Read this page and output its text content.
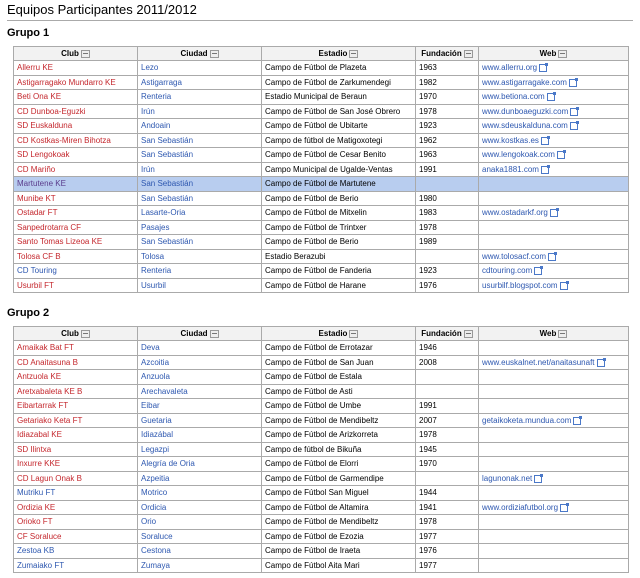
Equipos Participantes 2011/2012
Grupo 1
Club	Ciudad	Estadio	Fundación	Web
Allerru KE	Lezo	Campo de Fútbol de Plazeta	1963	www.allerru.org
Astigarragako Mundarro KE	Astigarraga	Campo de Fútbol de Zarkumendegi	1982	www.astigarragake.com
Beti Ona KE	Renteria	Estadio Municipal de Beraun	1970	www.betiona.com
CD Dunboa-Eguzki	Irún	Campo de Fútbol de San José Obrero	1978	www.dunboaeguzki.com
SD Euskalduna	Andoain	Campo de Fútbol de Ubitarte	1923	www.sdeuskalduna.com
CD Kostkas-Miren Bihotza	San Sebastián	Campo de fútbol de Matigoxotegi	1962	www.kostkas.es
SD Lengokoak	San Sebastián	Campo de Fútbol de Cesar Benito	1963	www.lengokoak.com
CD Mariño	Irún	Campo Municipal de Ugalde-Ventas	1991	anaka1881.com
Martutene KE	San Sebastián	Campo de Fútbol de Martutene		
Munibe KT	San Sebastián	Campo de Fútbol de Berio	1980	
Ostadar FT	Lasarte-Oria	Campo de Fútbol de Mitxelin	1983	www.ostadarkf.org
Sanpedrotarra CF	Pasajes	Campo de Fútbol de Trintxer	1978	
Santo Tomas Lizeoa KE	San Sebastián	Campo de Fútbol de Berio	1989	
Tolosa CF B	Tolosa	Estadio Berazubi		www.tolosacf.com
CD Touring	Renteria	Campo de Fútbol de Fanderia	1923	cdtouring.com
Usurbil FT	Usurbil	Campo de Fútbol de Harane	1976	usurbilf.blogspot.com
Grupo 2
Club	Ciudad	Estadio	Fundación	Web
Amaikak Bat FT	Deva	Campo de Fútbol de Errotazar	1946	
CD Anaitasuna B	Azcoitia	Campo de Fútbol de San Juan	2008	www.euskalnet.net/anaitasunaft
Antzuola KE	Anzuola	Campo de Fútbol de Estala		
Aretxabaleta KE B	Arechavaleta	Campo de Fútbol de Asti		
Eibartarrak FT	Eibar	Campo de Fútbol de Umbe	1991	
Getariako Keta FT	Guetaria	Campo de Fútbol de Mendibeltz	2007	getaikoketa.mundua.com
Idiazabal KE	Idiazábal	Campo de Fútbol de Arizkorreta	1978	
SD Ilintxa	Legazpi	Campo de fútbol de Bikuña	1945	
Inxurre KKE	Alegría de Oria	Campo de Fútbol de Elorri	1970	
CD Lagun Onak B	Azpeitia	Campo de Fútbol de Garmendipe		lagunonak.net
Mutriku FT	Motrico	Campo de Fútbol San Miguel	1944	
Ordizia KE	Ordicia	Campo de Fútbol de Altamira	1941	www.ordiziafutbol.org
Orioko FT	Orio	Campo de Fútbol de Mendibeltz	1978	
CF Soraluce	Soraluce	Campo de Fútbol de Ezozia	1977	
Zestoa KB	Cestona	Campo de Fútbol de Iraeta	1976	
Zumaiako FT	Zumaya	Campo de Fútbol Aita Mari	1977	
